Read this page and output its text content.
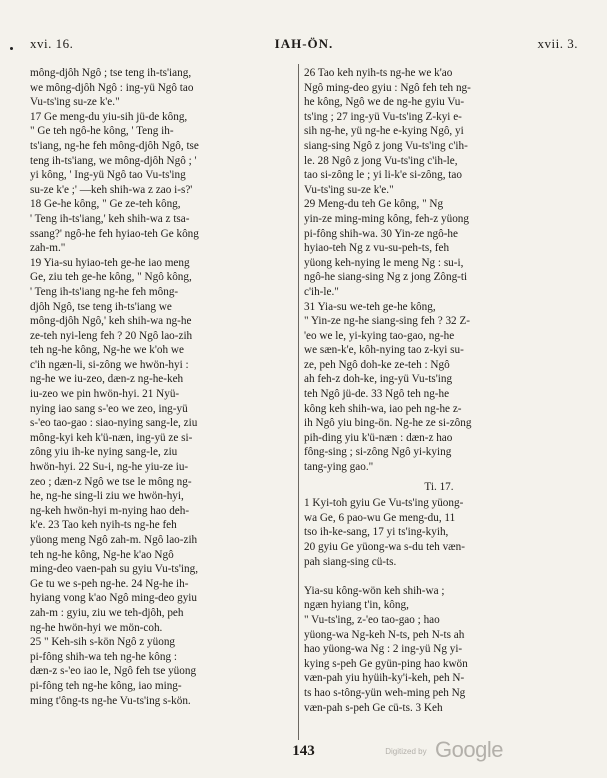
xvi. 16.	IAH-ÖN.	xvii. 3.
mông-djôh Ngô ; tse teng ih-ts'iang,
we mông-djôh Ngô : ing-yü Ngô tao
Vu-ts'ing su-ze k'e."
17 Ge meng-du yiu-sih jü-de kông,
" Ge teh ngô-he kông, ' Teng ih-
ts'iang, ng-he feh mông-djôh Ngô, tse
teng ih-ts'iang, we mông-djôh Ngô ; '
yi kông, ' Ing-yü Ngô tao Vu-ts'ing
su-ze k'e ;' —keh shih-wa z zao i-s?'
18 Ge-he kông, " Ge ze-teh kông,
' Teng ih-ts'iang,' keh shih-wa z tsa-
ssang?' ngô-he feh hyiao-teh Ge kông
zah-m."
19 Yia-su hyiao-teh ge-he iao meng
Ge, ziu teh ge-he kông, " Ngô kông,
' Teng ih-ts'iang ng-he feh mông-
djôh Ngô, tse teng ih-ts'iang we
mông-djôh Ngô,' keh shih-wa ng-he
ze-teh nyi-leng feh ? 20 Ngô lao-zih
teh ng-he kông, Ng-he we k'oh we
c'ih ngæn-li, si-zông we hwön-hyi :
ng-he we iu-zeo, dæn-z ng-he-keh
iu-zeo we pin hwön-hyi. 21 Nyü-
nying iao sang s-'eo we zeo, ing-yü
s-'eo tao-gao : siao-nying sang-le, ziu
mông-kyi keh k'ü-næn, ing-yü ze si-
zông yiu ih-ke nying sang-le, ziu
hwön-hyi. 22 Su-i, ng-he yiu-ze iu-
zeo ; dæn-z Ngô we tse le mông ng-
he, ng-he sing-li ziu we hwön-hyi,
ng-keh hwön-hyi m-nying hao deh-
k'e. 23 Tao keh nyih-ts ng-he feh
yüong meng Ngô zah-m. Ngô lao-zih
teh ng-he kông, Ng-he k'ao Ngô
ming-deo vaen-pah su gyiu Vu-ts'ing,
Ge tu we s-peh ng-he. 24 Ng-he ih-
hyiang vong k'ao Ngô ming-deo gyiu
zah-m : gyiu, ziu we teh-djôh, peh
ng-he hwön-hyi we mön-coh.
25 " Keh-sih s-kön Ngô z yüong
pi-fông shih-wa teh ng-he kông :
dæn-z s-'eo iao le, Ngô feh tse yüong
pi-fông teh ng-he kông, iao ming-
ming t'ông-ts ng-he Vu-ts'ing s-kön.
26 Tao keh nyih-ts ng-he we k'ao
Ngô ming-deo gyiu : Ngô feh teh ng-
he kông, Ngô we de ng-he gyiu Vu-
ts'ing ; 27 ing-yü Vu-ts'ing Z-kyi e-
sih ng-he, yü ng-he e-kying Ngô, yi
siang-sing Ngô z jong Vu-ts'ing c'ih-
le. 28 Ngô z jong Vu-ts'ing c'ih-le,
tao si-zông le ; yi li-k'e si-zông, tao
Vu-ts'ing su-ze k'e."
29 Meng-du teh Ge kông, " Ng
yin-ze ming-ming kông, feh-z yüong
pi-fông shih-wa. 30 Yin-ze ngô-he
hyiao-teh Ng z vu-su-peh-ts, feh
yüong keh-nying le meng Ng : su-i,
ngô-he siang-sing Ng z jong Zông-ti
c'ih-le."
31 Yia-su we-teh ge-he kông,
" Yin-ze ng-he siang-sing feh ? 32 Z-
'eo we le, yi-kying tao-gao, ng-he
we sæn-k'e, kôh-nying tao z-kyi su-
ze, peh Ngô doh-ke ze-teh : Ngô
ah feh-z doh-ke, ing-yü Vu-ts'ing
teh Ngô jü-de. 33 Ngô teh ng-he
kông keh shih-wa, iao peh ng-he z-
ih Ngô yiu bing-ön. Ng-he ze si-zông
pih-ding yiu k'ü-næn : dæn-z hao
fông-sing ; si-zông Ngô yi-kying
tang-ying gao."
Ti. 17.
1 Kyi-toh gyiu Ge Vu-ts'ing yüong-
wa Ge, 6 pao-wu Ge meng-du, 11
tso ih-ke-sang, 17 yi ts'ing-kyih,
20 gyiu Ge yüong-wa s-du teh væn-
pah siang-sing cü-ts.
Yia-su kông-wön keh shih-wa ;
ngæn hyiang t'in, kông,
" Vu-ts'ing, z-'eo tao-gao ; hao
yüong-wa Ng-keh N-ts, peh N-ts ah
hao yüong-wa Ng : 2 ing-yü Ng yi-
kying s-peh Ge gyün-ping hao kwön
væn-pah yiu hyüih-ky'i-keh, peh N-
ts hao s-tông-yün weh-ming peh Ng
væn-pah s-peh Ge cü-ts. 3 Keh
143	Digitized by Google
